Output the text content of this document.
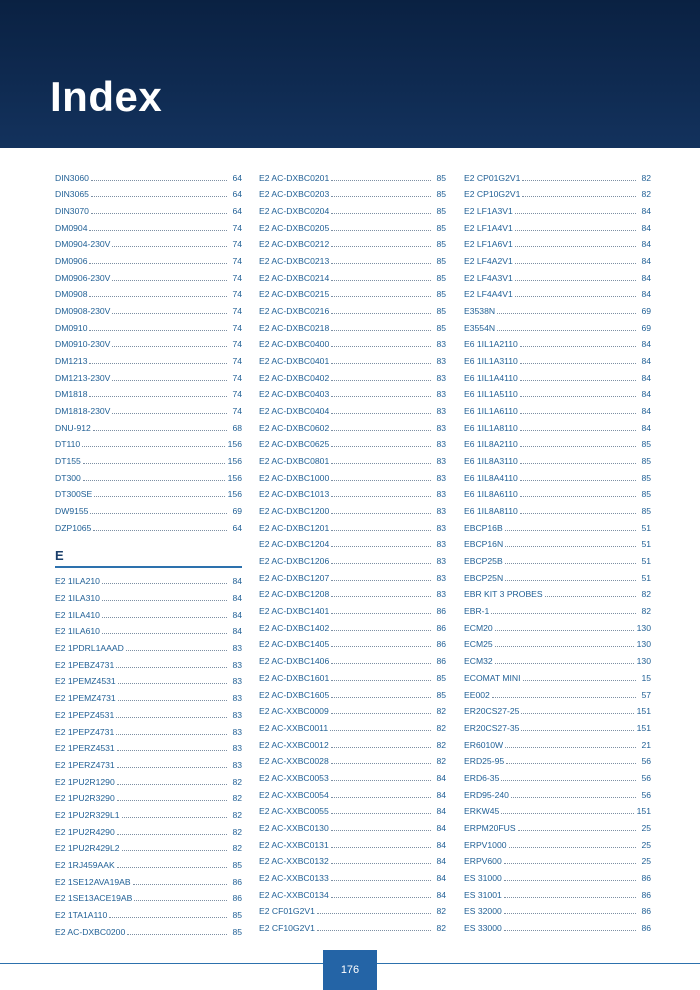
Index
DIN3060	64
DIN3065	64
DIN3070	64
DM0904	74
DM0904-230V	74
DM0906	74
DM0906-230V	74
DM0908	74
DM0908-230V	74
DM0910	74
DM0910-230V	74
DM1213	74
DM1213-230V	74
DM1818	74
DM1818-230V	74
DNU-912	68
DT110	156
DT155	156
DT300	156
DT300SE	156
DW9155	69
DZP1065	64
E
E2 1ILA210	84
E2 1ILA310	84
E2 1ILA410	84
E2 1ILA610	84
E2 1PDRL1AAAD	83
E2 1PEBZ4731	83
E2 1PEMZ4531	83
E2 1PEMZ4731	83
E2 1PEPZ4531	83
E2 1PEPZ4731	83
E2 1PERZ4531	83
E2 1PERZ4731	83
E2 1PU2R1290	82
E2 1PU2R3290	82
E2 1PU2R329L1	82
E2 1PU2R4290	82
E2 1PU2R429L2	82
E2 1RJ459AAK	85
E2 1SE12AVA19AB	86
E2 1SE13ACE19AB	86
E2 1TA1A110	85
E2 AC-DXBC0200	85
E2 AC-DXBC0201	85
E2 AC-DXBC0203	85
E2 AC-DXBC0204	85
E2 AC-DXBC0205	85
E2 AC-DXBC0212	85
E2 AC-DXBC0213	85
E2 AC-DXBC0214	85
E2 AC-DXBC0215	85
E2 AC-DXBC0216	85
E2 AC-DXBC0218	85
E2 AC-DXBC0400	83
E2 AC-DXBC0401	83
E2 AC-DXBC0402	83
E2 AC-DXBC0403	83
E2 AC-DXBC0404	83
E2 AC-DXBC0602	83
E2 AC-DXBC0625	83
E2 AC-DXBC0801	83
E2 AC-DXBC1000	83
E2 AC-DXBC1013	83
E2 AC-DXBC1200	83
E2 AC-DXBC1201	83
E2 AC-DXBC1204	83
E2 AC-DXBC1206	83
E2 AC-DXBC1207	83
E2 AC-DXBC1208	83
E2 AC-DXBC1401	86
E2 AC-DXBC1402	86
E2 AC-DXBC1405	86
E2 AC-DXBC1406	86
E2 AC-DXBC1601	85
E2 AC-DXBC1605	85
E2 AC-XXBC0009	82
E2 AC-XXBC0011	82
E2 AC-XXBC0012	82
E2 AC-XXBC0028	82
E2 AC-XXBC0053	84
E2 AC-XXBC0054	84
E2 AC-XXBC0055	84
E2 AC-XXBC0130	84
E2 AC-XXBC0131	84
E2 AC-XXBC0132	84
E2 AC-XXBC0133	84
E2 AC-XXBC0134	84
E2 CF01G2V1	82
E2 CF10G2V1	82
E2 CP01G2V1	82
E2 CP10G2V1	82
E2 LF1A3V1	84
E2 LF1A4V1	84
E2 LF1A6V1	84
E2 LF4A2V1	84
E2 LF4A3V1	84
E2 LF4A4V1	84
E3538N	69
E3554N	69
E6 1IL1A2110	84
E6 1IL1A3110	84
E6 1IL1A4110	84
E6 1IL1A5110	84
E6 1IL1A6110	84
E6 1IL1A8110	84
E6 1IL8A2110	85
E6 1IL8A3110	85
E6 1IL8A4110	85
E6 1IL8A6110	85
E6 1IL8A8110	85
EBCP16B	51
EBCP16N	51
EBCP25B	51
EBCP25N	51
EBR KIT 3 PROBES	82
EBR-1	82
ECM20	130
ECM25	130
ECM32	130
ECOMAT MINI	15
EE002	57
ER20CS27-25	151
ER20CS27-35	151
ER6010W	21
ERD25-95	56
ERD6-35	56
ERD95-240	56
ERKW45	151
ERPM20FUS	25
ERPV1000	25
ERPV600	25
ES 31000	86
ES 31001	86
ES 32000	86
ES 33000	86
176
